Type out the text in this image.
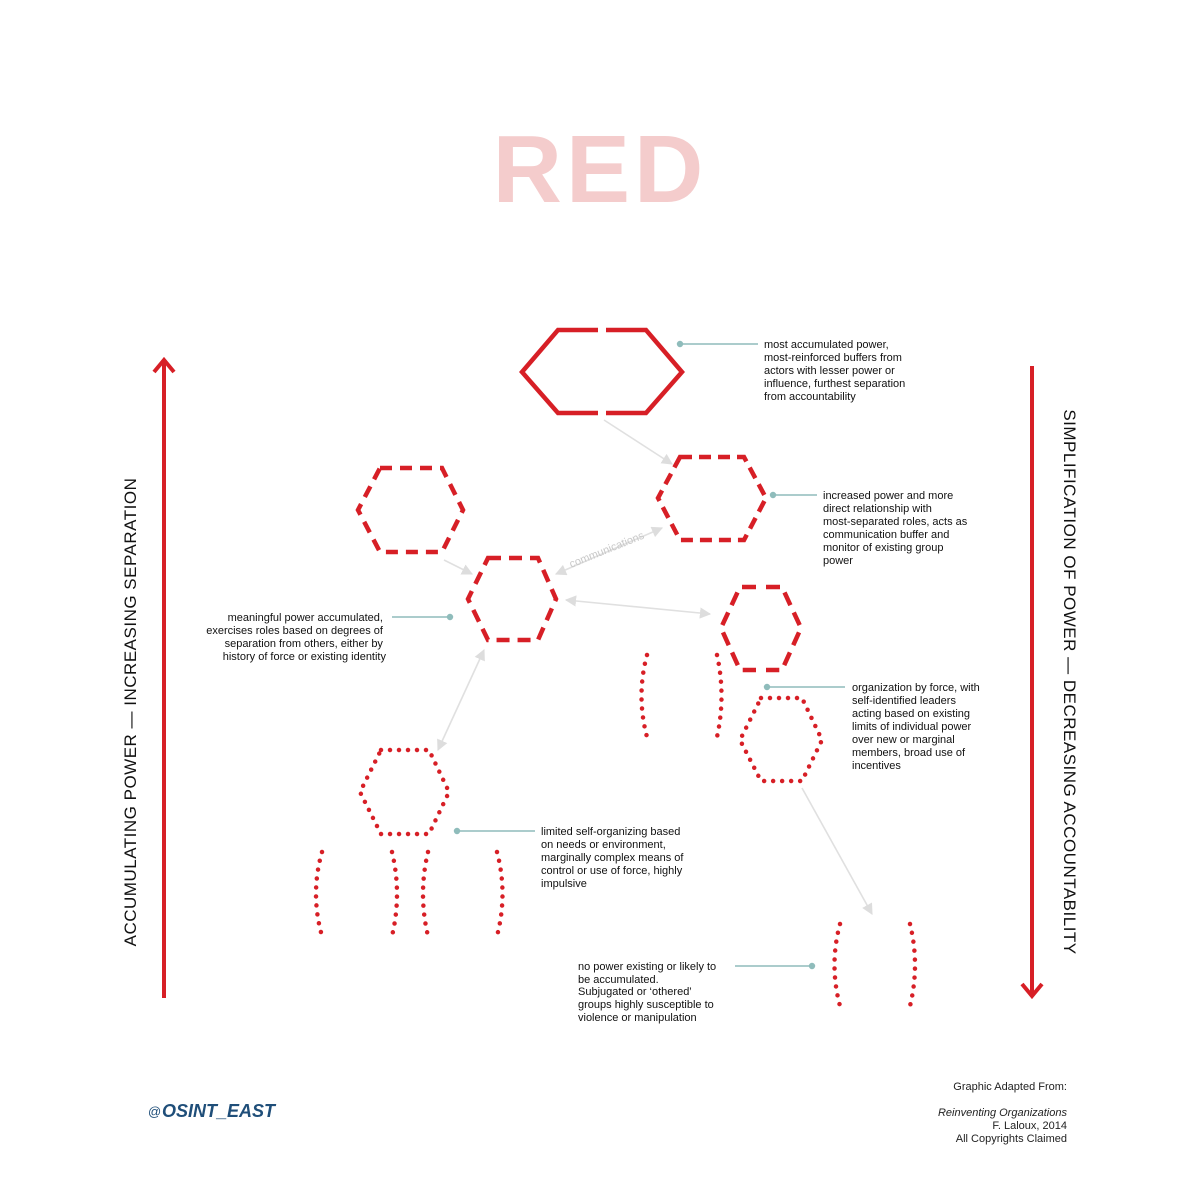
RED
ACCUMULATING POWER — INCREASING SEPARATION	SIMPLIFICATION OF POWER — DECREASING ACCOUNTABILITY
communications
most accumulated power, most-reinforced buffers from actors with lesser power or influence, furthest separation from accountability
increased power and more direct relationship with most-separated roles, acts as communication buffer and monitor of existing group power
meaningful power accumulated, exercises roles based on degrees of separation from others, either by history of force or existing identity
organization by force, with self-identified leaders acting based on existing limits of individual power over new or marginal members, broad use of incentives
limited self-organizing based on needs or environment, marginally complex means of control or use of force, highly impulsive
no power existing or likely to be accumulated. Subjugated or ‘othered’ groups highly susceptible to violence or manipulation
Graphic Adapted From:
Reinventing Organizations
F. Laloux, 2014
All Copyrights Claimed
@ OSINT_EAST
